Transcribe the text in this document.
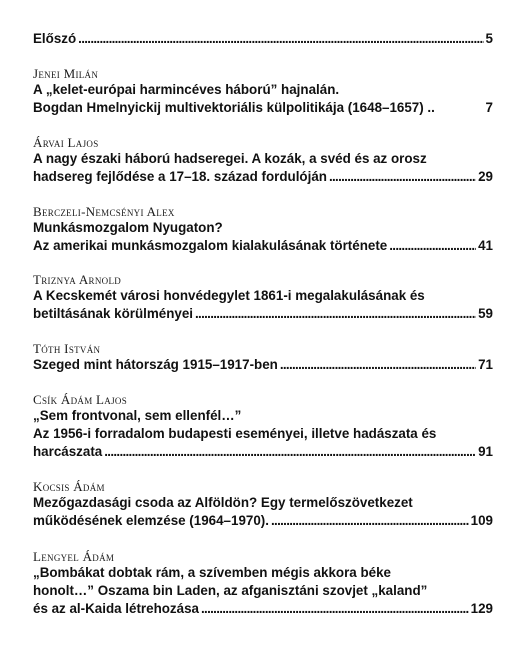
Előszó . . .	5
Jenei Milán
A „kelet-európai harmincéves háború” hajnalán.
Bogdan Hmelnyickij multivektoriális külpolitikája (1648–1657) ..	7
Árvai Lajos
A nagy északi háború hadseregei. A kozák, a svéd és az orosz
hadsereg fejlődése a 17–18. század fordulóján . . .	29
Berczeli-Nemcsényi Alex
Munkásmozgalom Nyugaton?
Az amerikai munkásmozgalom kialakulásának története . . .	41
Triznya Arnold
A Kecskemét városi honvédegylet 1861-i megalakulásának és
betiltásának körülményei . . .	59
Tóth István
Szeged mint hátország 1915–1917-ben . . .	71
Csík Ádám Lajos
„Sem frontvonal, sem ellenfél…”
Az 1956-i forradalom budapesti eseményei, illetve hadászata és
harcászata . . .	91
Kocsis Ádám
Mezőgazdasági csoda az Alföldön? Egy termelőszövetkezet
működésének elemzése (1964–1970). . . .	109
Lengyel Ádám
„Bombákat dobtak rám, a szívemben mégis akkora béke
honolt…” Oszama bin Laden, az afganisztáni szovjet „kaland”
és az al-Kaida létrehozása . . .	129
